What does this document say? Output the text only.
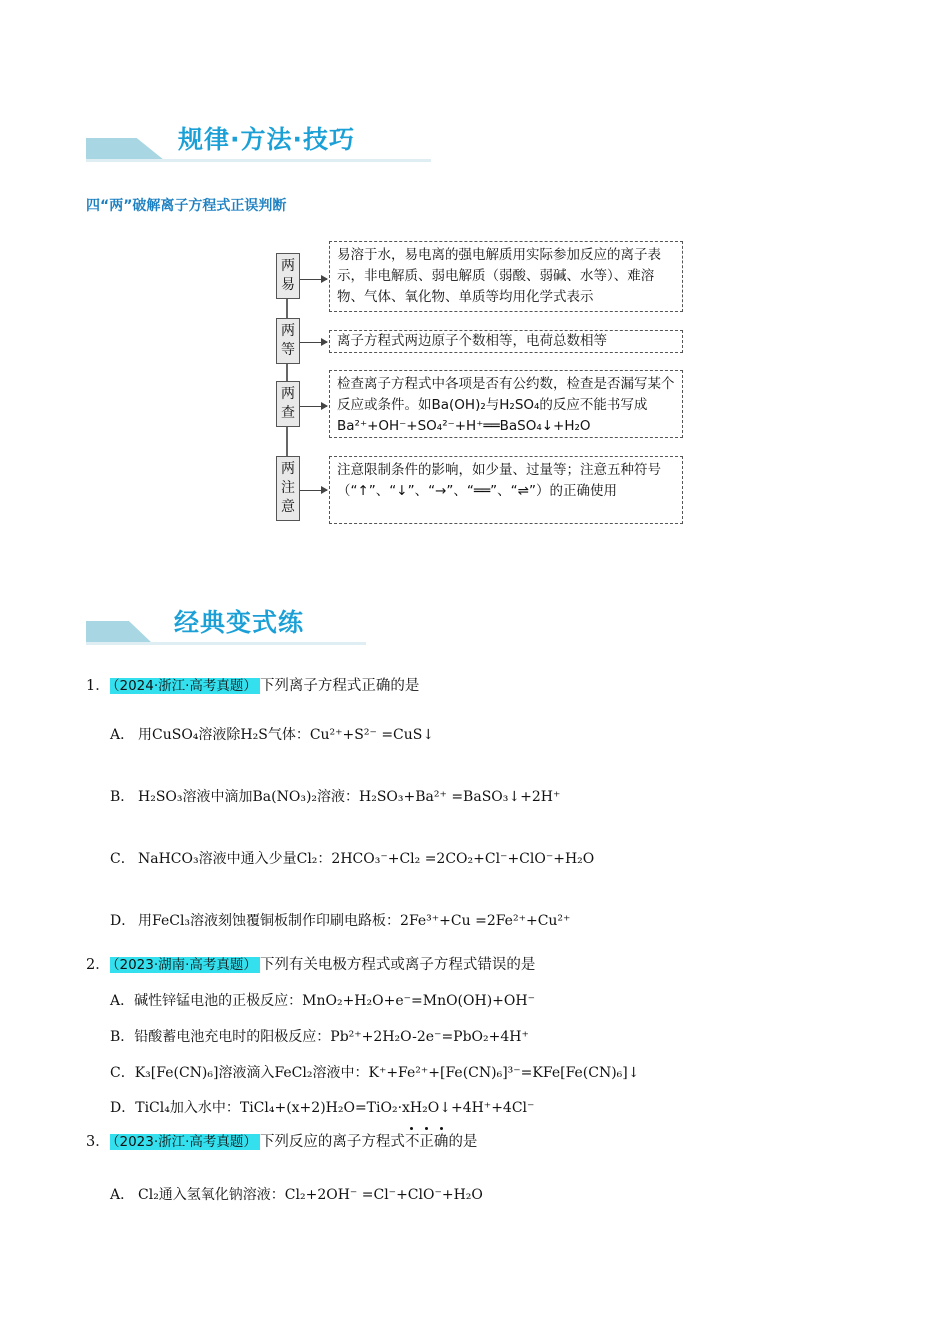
规律·方法·技巧
四“两”破解离子方程式正误判断
两
易
两
等
两
查
两
注
意
易溶于水，易电离的强电解质用实际参加反应的离子表示，非电解质、弱电解质（弱酸、弱碱、水等）、难溶物、气体、氧化物、单质等均用化学式表示
离子方程式两边原子个数相等，电荷总数相等
检查离子方程式中各项是否有公约数，检查是否漏写某个反应或条件。如Ba(OH)₂与H₂SO₄的反应不能书写成Ba²⁺+OH⁻+SO₄²⁻+H⁺══BaSO₄↓+H₂O
注意限制条件的影响，如少量、过量等；注意五种符号（“↑”、“↓”、“→”、“══”、“⇌”）的正确使用
经典变式练
1． （2024·浙江·高考真题） 下列离子方程式正确的是
A． 用CuSO₄溶液除H₂S气体：Cu²⁺+S²⁻ =CuS↓
B． H₂SO₃溶液中滴加Ba(NO₃)₂溶液：H₂SO₃+Ba²⁺ =BaSO₃↓+2H⁺
C． NaHCO₃溶液中通入少量Cl₂：2HCO₃⁻+Cl₂ =2CO₂+Cl⁻+ClO⁻+H₂O
D． 用FeCl₃溶液刻蚀覆铜板制作印刷电路板：2Fe³⁺+Cu =2Fe²⁺+Cu²⁺
2． （2023·湖南·高考真题） 下列有关电极方程式或离子方程式错误的是
A．碱性锌锰电池的正极反应：MnO₂+H₂O+e⁻=MnO(OH)+OH⁻
B．铅酸蓄电池充电时的阳极反应：Pb²⁺+2H₂O-2e⁻=PbO₂+4H⁺
C．K₃[Fe(CN)₆]溶液滴入FeCl₂溶液中：K⁺+Fe²⁺+[Fe(CN)₆]³⁻=KFe[Fe(CN)₆]↓
D．TiCl₄加入水中：TiCl₄+(x+2)H₂O=TiO₂·xH₂O↓+4H⁺+4Cl⁻
3． （2023·浙江·高考真题） 下列反应的离子方程式
不正确的是
A． Cl₂通入氢氧化钠溶液：Cl₂+2OH⁻ =Cl⁻+ClO⁻+H₂O
